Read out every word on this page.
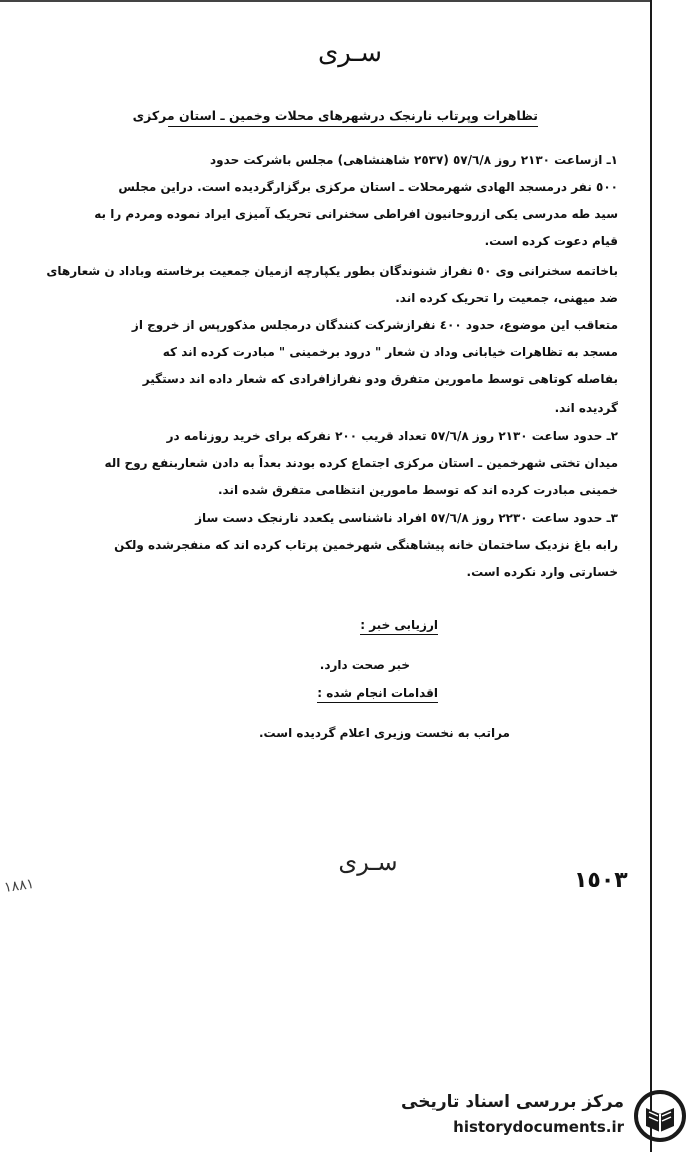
سـری
تظاهرات وپرتاب نارنجک درشهرهای محلات وخمین ـ استان مرکزی
١ـ ازساعت ٢١٣٠ روز ٥٧/٦/٨ (٢٥٣٧ شاهنشاهی) مجلس باشرکت حدود
٥٠٠ نفر درمسجد الهادی شهرمحلات ـ استان مرکزی برگزارگردیده است. دراین مجلس
سید طه مدرسی یکی ازروحانیون افراطی سخنرانی تحریک آمیزی ایراد نموده ومردم را به
قیام دعوت کرده است.
باخاتمه سخنرانی وی ٥٠ نفراز شنوندگان بطور یکپارچه ازمیان جمعیت برخاسته وباداد ن شعارهای
ضد میهنی، جمعیت را تحریک کرده اند.
متعاقب این موضوع، حدود ٤٠٠ نفرازشرکت کنندگان درمجلس مذکورپس از خروج از
مسجد به تظاهرات خیابانی وداد ن شعار " درود برخمینی " مبادرت کرده اند که
بفاصله کوتاهی توسط مامورین متفرق ودو نفرازافرادی که شعار داده اند دستگیر
گردیده اند.
٢ـ حدود ساعت ٢١٣٠ روز ٥٧/٦/٨ تعداد قریب ٢٠٠ نفرکه برای خرید روزنامه در
میدان تختی شهرخمین ـ استان مرکزی اجتماع کرده بودند بعداً به دادن شعاربنفع روح اله
خمینی مبادرت کرده اند که توسط مامورین انتظامی متفرق شده اند.
٣ـ حدود ساعت ٢٢٣٠ روز ٥٧/٦/٨ افراد ناشناسی یکعدد نارنجک دست ساز
رابه باغ نزدیک ساختمان خانه پیشاهنگی شهرخمین پرتاب کرده اند که منفجرشده ولکن
خسارتی وارد نکرده است.
ارزیابی خبر :
خبر صحت دارد.
اقدامات انجام شده :
مراتب به نخست وزیری اعلام گردیده است.
سـری
١٥٠٣
١٨٨١
مرکز بررسی اسناد تاریخی
historydocuments.ir
